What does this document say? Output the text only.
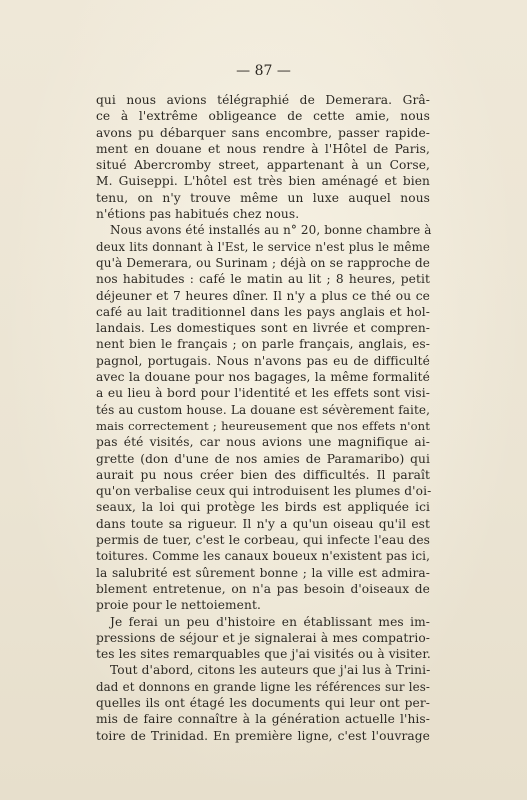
— 87 —
qui nous avions télégraphié de Demerara. Grâ-
ce à l'extrême obligeance de cette amie, nous
avons pu débarquer sans encombre, passer rapide-
ment en douane et nous rendre à l'Hôtel de Paris,
situé Abercromby street, appartenant à un Corse,
M. Guiseppi. L'hôtel est très bien aménagé et bien
tenu, on n'y trouve même un luxe auquel nous
n'étions pas habitués chez nous.
Nous avons été installés au n° 20, bonne chambre à
deux lits donnant à l'Est, le service n'est plus le même
qu'à Demerara, ou Surinam ; déjà on se rapproche de
nos habitudes : café le matin au lit ; 8 heures, petit
déjeuner et 7 heures dîner. Il n'y a plus ce thé ou ce
café au lait traditionnel dans les pays anglais et hol-
landais. Les domestiques sont en livrée et compren-
nent bien le français ; on parle français, anglais, es-
pagnol, portugais. Nous n'avons pas eu de difficulté
avec la douane pour nos bagages, la même formalité
a eu lieu à bord pour l'identité et les effets sont visi-
tés au custom house. La douane est sévèrement faite,
mais correctement ; heureusement que nos effets n'ont
pas été visités, car nous avions une magnifique ai-
grette (don d'une de nos amies de Paramaribo) qui
aurait pu nous créer bien des difficultés. Il paraît
qu'on verbalise ceux qui introduisent les plumes d'oi-
seaux, la loi qui protège les birds est appliquée ici
dans toute sa rigueur. Il n'y a qu'un oiseau qu'il est
permis de tuer, c'est le corbeau, qui infecte l'eau des
toitures. Comme les canaux boueux n'existent pas ici,
la salubrité est sûrement bonne ; la ville est admira-
blement entretenue, on n'a pas besoin d'oiseaux de
proie pour le nettoiement.
Je ferai un peu d'histoire en établissant mes im-
pressions de séjour et je signalerai à mes compatrio-
tes les sites remarquables que j'ai visités ou à visiter.
Tout d'abord, citons les auteurs que j'ai lus à Trini-
dad et donnons en grande ligne les références sur les-
quelles ils ont étagé les documents qui leur ont per-
mis de faire connaître à la génération actuelle l'his-
toire de Trinidad. En première ligne, c'est l'ouvrage
